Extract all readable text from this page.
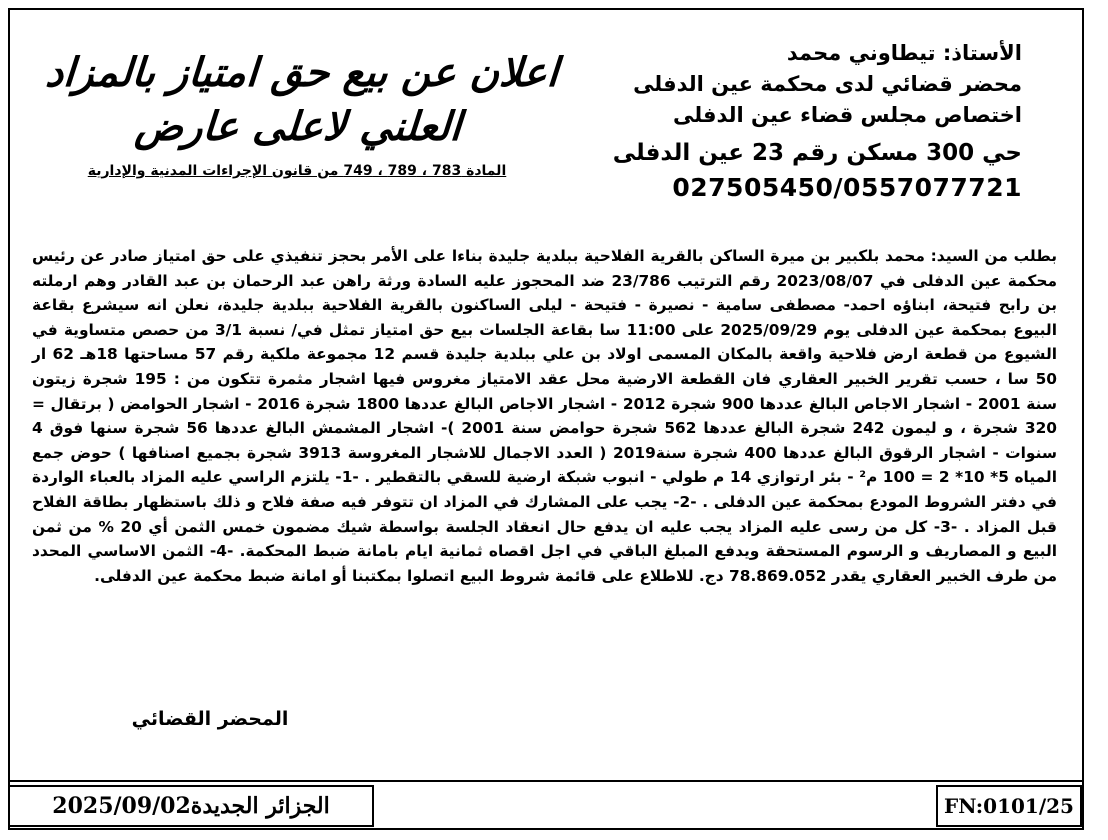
الأستاذ: تيطاوني محمد
محضر قضائي لدى محكمة عين الدفلى
اختصاص مجلس قضاء عين الدفلى
حي 300 مسكن رقم 23 عين الدفلى
027505450/0557077721
اعلان عن بيع حق امتياز بالمزاد
العلني لاعلى عارض
المادة 783 ، 789 ، 749 من قانون الإجراءات المدنية والإدارية
بطلب من السيد: محمد بلكبير بن ميرة الساكن بالقرية الفلاحية ببلدية جليدة بناءا على الأمر بحجز تنفيذي على حق امتياز صادر عن رئيس محكمة عين الدفلى في 2023/08/07 رقم الترتيب 23/786 ضد المحجوز عليه السادة ورثة راهن عبد الرحمان بن عبد القادر وهم ارملته بن رابح فتيحة، ابناؤه احمد- مصطفى سامية - نصيرة - فتيحة - ليلى الساكنون بالقرية الفلاحية ببلدية جليدة، نعلن انه سيشرع بقاعة البيوع بمحكمة عين الدفلى يوم 2025/09/29 على 11:00 سا بقاعة الجلسات بيع حق امتياز تمثل في/ نسبة 3/1 من حصص متساوية في الشيوع من قطعة ارض فلاحية واقعة بالمكان المسمى اولاد بن علي ببلدية جليدة قسم 12 مجموعة ملكية رقم 57 مساحتها 18هـ 62 ار 50 سا ، حسب تقرير الخبير العقاري فان القطعة الارضية محل عقد الامتياز مغروس فيها اشجار مثمرة تتكون من : 195 شجرة زيتون سنة 2001 - اشجار الاجاص البالغ عددها 900 شجرة 2012 - اشجار الاجاص البالغ عددها 1800 شجرة 2016 - اشجار الحوامض ( برتقال = 320 شجرة ، و ليمون 242 شجرة البالغ عددها 562 شجرة حوامض سنة 2001 )- اشجار المشمش البالغ عددها 56 شجرة سنها فوق 4 سنوات - اشجار الرقوق البالغ عددها 400 شجرة سنة2019 ( العدد الاجمال للاشجار المغروسة 3913 شجرة بجميع اصنافها ) حوض جمع المياه 5* 10* 2 = 100 م² - بئر ارتوازي 14 م طولي - انبوب شبكة ارضية للسقي بالتقطير . -1- يلتزم الراسي عليه المزاد بالعباء الواردة في دفتر الشروط المودع بمحكمة عين الدفلى . -2- يجب على المشارك في المزاد ان تتوفر فيه صفة فلاح و ذلك باستظهار بطاقة الفلاح قبل المزاد . -3- كل من رسى عليه المزاد يجب عليه ان يدفع حال انعقاد الجلسة بواسطة شيك مضمون خمس الثمن أي 20 % من ثمن البيع و المصاريف و الرسوم المستحقة ويدفع المبلغ الباقي في اجل اقصاه ثمانية ايام بامانة ضبط المحكمة. -4- الثمن الاساسي المحدد من طرف الخبير العقاري يقدر 78.869.052 دج. للاطلاع على قائمة شروط البيع اتصلوا بمكتبنا أو امانة ضبط محكمة عين الدفلى.
المحضر القضائي
الجزائر الجديدة2025/09/02	FN:0101/25
